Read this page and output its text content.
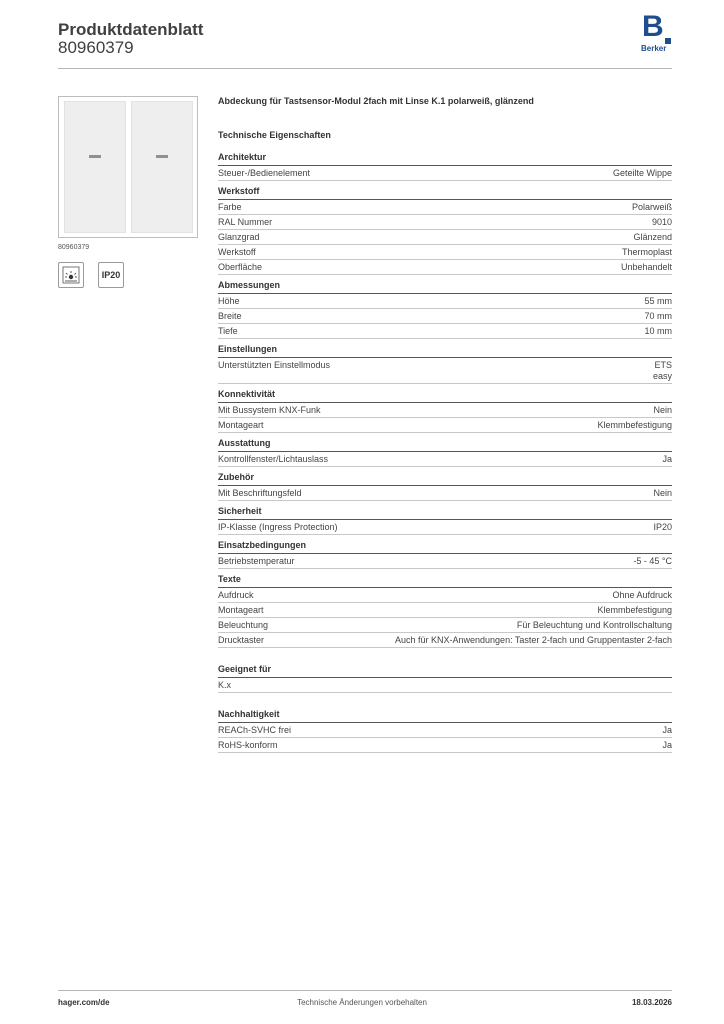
Produktdatenblatt
80960379
B
Berker
80960379
IP20
Abdeckung für Tastsensor-Modul 2fach mit Linse K.1 polarweiß, glänzend
Technische Eigenschaften
Architektur
Steuer-/Bedienelement	Geteilte Wippe
Werkstoff
Farbe	Polarweiß
RAL Nummer	9010
Glanzgrad	Glänzend
Werkstoff	Thermoplast
Oberfläche	Unbehandelt
Abmessungen
Höhe	55 mm
Breite	70 mm
Tiefe	10 mm
Einstellungen
Unterstützten Einstellmodus	ETS
easy
Konnektivität
Mit Bussystem KNX-Funk	Nein
Montageart	Klemmbefestigung
Ausstattung
Kontrollfenster/Lichtauslass	Ja
Zubehör
Mit Beschriftungsfeld	Nein
Sicherheit
IP-Klasse (Ingress Protection)	IP20
Einsatzbedingungen
Betriebstemperatur	-5 - 45 °C
Texte
Aufdruck	Ohne Aufdruck
Montageart	Klemmbefestigung
Beleuchtung	Für Beleuchtung und Kontrollschaltung
Drucktaster	Auch für KNX-Anwendungen: Taster 2-fach und Gruppentaster 2-fach
Geeignet für
K.x
Nachhaltigkeit
REACh-SVHC frei	Ja
RoHS-konform	Ja
hager.com/de	Technische Änderungen vorbehalten	18.03.2026
